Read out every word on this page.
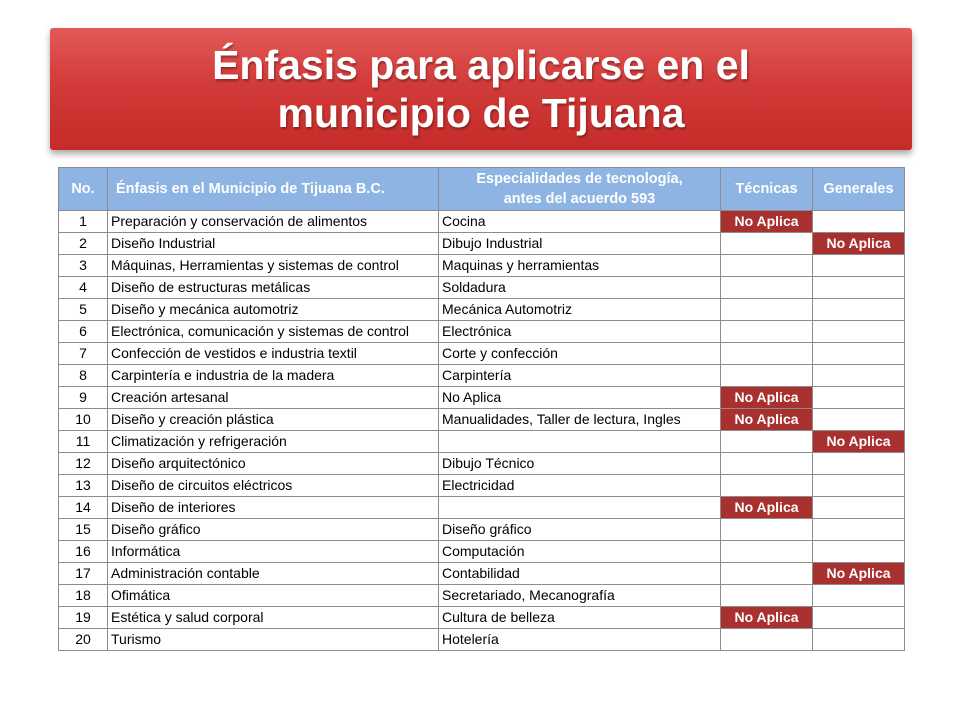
Énfasis para aplicarse en el
municipio de Tijuana
No.	Énfasis en el Municipio de Tijuana B.C.	Especialidades de tecnología,
antes del acuerdo 593	Técnicas	Generales
1	Preparación y conservación de alimentos	Cocina	No Aplica	
2	Diseño Industrial	Dibujo Industrial		No Aplica
3	Máquinas, Herramientas y sistemas de control	Maquinas y herramientas		
4	Diseño de estructuras metálicas	Soldadura		
5	Diseño y mecánica automotriz	Mecánica Automotriz		
6	Electrónica, comunicación y sistemas de control	Electrónica		
7	Confección de vestidos e industria textil	Corte y confección		
8	Carpintería e industria de la madera	Carpintería		
9	Creación artesanal	No Aplica	No Aplica	
10	Diseño y creación plástica	Manualidades, Taller de lectura, Ingles	No Aplica	
11	Climatización y refrigeración			No Aplica
12	Diseño arquitectónico	Dibujo Técnico		
13	Diseño de circuitos eléctricos	Electricidad		
14	Diseño de interiores		No Aplica	
15	Diseño gráfico	Diseño gráfico		
16	Informática	Computación		
17	Administración contable	Contabilidad		No Aplica
18	Ofimática	Secretariado, Mecanografía		
19	Estética y salud corporal	Cultura de belleza	No Aplica	
20	Turismo	Hotelería		
